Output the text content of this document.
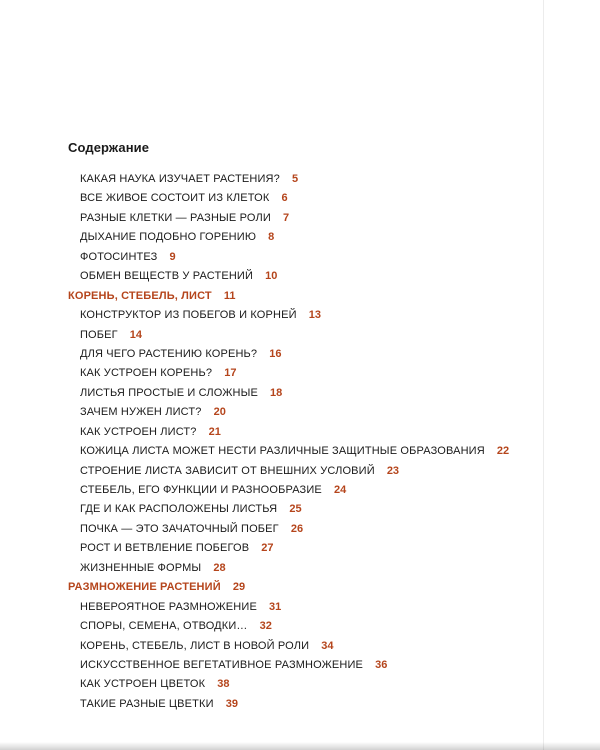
Содержание
КАКАЯ НАУКА ИЗУЧАЕТ РАСТЕНИЯ? 5
ВСЕ ЖИВОЕ СОСТОИТ ИЗ КЛЕТОК 6
РАЗНЫЕ КЛЕТКИ — РАЗНЫЕ РОЛИ 7
ДЫХАНИЕ ПОДОБНО ГОРЕНИЮ 8
ФОТОСИНТЕЗ 9
ОБМЕН ВЕЩЕСТВ У РАСТЕНИЙ 10
КОРЕНЬ, СТЕБЕЛЬ, ЛИСТ 11
КОНСТРУКТОР ИЗ ПОБЕГОВ И КОРНЕЙ 13
ПОБЕГ 14
ДЛЯ ЧЕГО РАСТЕНИЮ КОРЕНЬ? 16
КАК УСТРОЕН КОРЕНЬ? 17
ЛИСТЬЯ ПРОСТЫЕ И СЛОЖНЫЕ 18
ЗАЧЕМ НУЖЕН ЛИСТ? 20
КАК УСТРОЕН ЛИСТ? 21
КОЖИЦА ЛИСТА МОЖЕТ НЕСТИ РАЗЛИЧНЫЕ ЗАЩИТНЫЕ ОБРАЗОВАНИЯ 22
СТРОЕНИЕ ЛИСТА ЗАВИСИТ ОТ ВНЕШНИХ УСЛОВИЙ 23
СТЕБЕЛЬ, ЕГО ФУНКЦИИ И РАЗНООБРАЗИЕ 24
ГДЕ И КАК РАСПОЛОЖЕНЫ ЛИСТЬЯ 25
ПОЧКА — ЭТО ЗАЧАТОЧНЫЙ ПОБЕГ 26
РОСТ И ВЕТВЛЕНИЕ ПОБЕГОВ 27
ЖИЗНЕННЫЕ ФОРМЫ 28
РАЗМНОЖЕНИЕ РАСТЕНИЙ 29
НЕВЕРОЯТНОЕ РАЗМНОЖЕНИЕ 31
СПОРЫ, СЕМЕНА, ОТВОДКИ… 32
КОРЕНЬ, СТЕБЕЛЬ, ЛИСТ В НОВОЙ РОЛИ 34
ИСКУССТВЕННОЕ ВЕГЕТАТИВНОЕ РАЗМНОЖЕНИЕ 36
КАК УСТРОЕН ЦВЕТОК 38
ТАКИЕ РАЗНЫЕ ЦВЕТКИ 39
